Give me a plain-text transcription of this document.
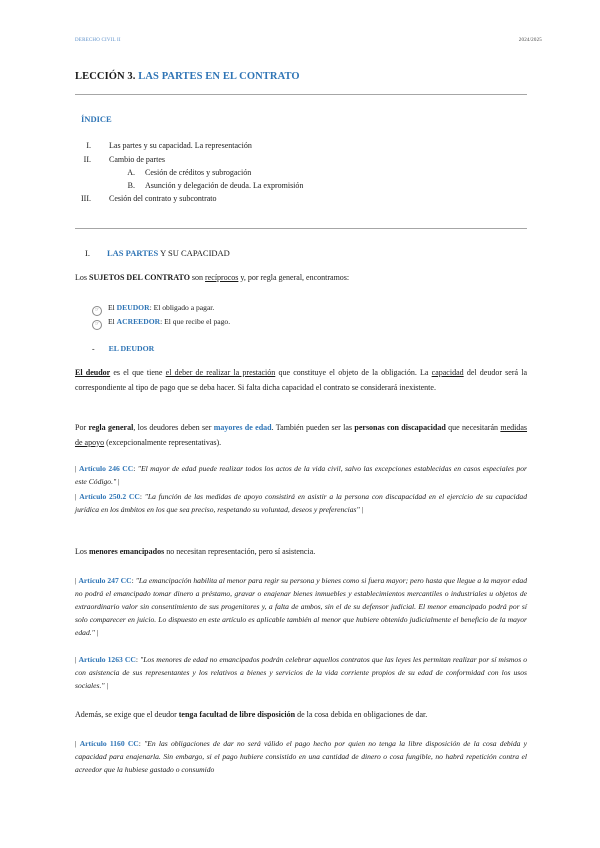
DERECHO CIVIL II	2024/2025
LECCIÓN 3. LAS PARTES EN EL CONTRATO
ÍNDICE
I. Las partes y su capacidad. La representación
II. Cambio de partes
A. Cesión de créditos y subrogación
B. Asunción y delegación de deuda. La expromisión
III. Cesión del contrato y subcontrato
I. LAS PARTES Y SU CAPACIDAD
Los SUJETOS DEL CONTRATO son recíprocos y, por regla general, encontramos:
☞ El DEUDOR: El obligado a pagar.
☞ El ACREEDOR: El que recibe el pago.
- EL DEUDOR
El deudor es el que tiene el deber de realizar la prestación que constituye el objeto de la obligación. La capacidad del deudor será la correspondiente al tipo de pago que se deba hacer. Si falta dicha capacidad el contrato se considerará inexistente.
Por regla general, los deudores deben ser mayores de edad. También pueden ser las personas con discapacidad que necesitarán medidas de apoyo (excepcionalmente representativas).
| Artículo 246 CC: "El mayor de edad puede realizar todos los actos de la vida civil, salvo las excepciones establecidas en casos especiales por este Código." |
| Artículo 250.2 CC: "La función de las medidas de apoyo consistirá en asistir a la persona con discapacidad en el ejercicio de su capacidad jurídica en los ámbitos en los que sea preciso, respetando su voluntad, deseos y preferencias" |
Los menores emancipados no necesitan representación, pero sí asistencia.
| Artículo 247 CC: "La emancipación habilita al menor para regir su persona y bienes como si fuera mayor; pero hasta que llegue a la mayor edad no podrá el emancipado tomar dinero a préstamo, gravar o enajenar bienes inmuebles y establecimientos mercantiles o industriales u objetos de extraordinario valor sin consentimiento de sus progenitores y, a falta de ambos, sin el de su defensor judicial. El menor emancipado podrá por sí solo comparecer en juicio. Lo dispuesto en este artículo es aplicable también al menor que hubiere obtenido judicialmente el beneficio de la mayor edad." |
| Artículo 1263 CC: "Los menores de edad no emancipados podrán celebrar aquellos contratos que las leyes les permitan realizar por sí mismos o con asistencia de sus representantes y los relativos a bienes y servicios de la vida corriente propios de su edad de conformidad con los usos sociales." |
Además, se exige que el deudor tenga facultad de libre disposición de la cosa debida en obligaciones de dar.
| Artículo 1160 CC: "En las obligaciones de dar no será válido el pago hecho por quien no tenga la libre disposición de la cosa debida y capacidad para enajenarla. Sin embargo, si el pago hubiere consistido en una cantidad de dinero o cosa fungible, no habrá repetición contra el acreedor que la hubiese gastado o consumido
